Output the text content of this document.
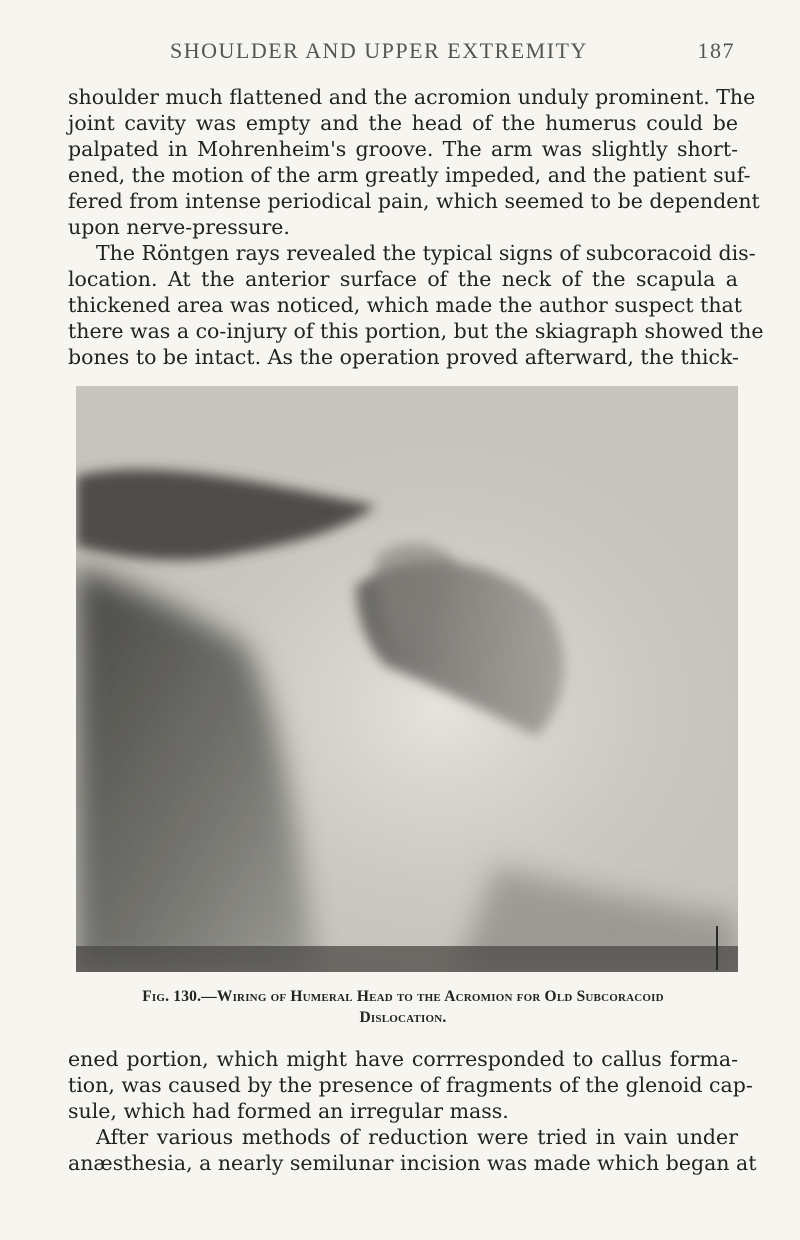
SHOULDER AND UPPER EXTREMITY	187
shoulder much flattened and the acromion unduly prominent. The
joint cavity was empty and the head of the humerus could be
palpated in Mohrenheim's groove. The arm was slightly short-
ened, the motion of the arm greatly impeded, and the patient suf-
fered from intense periodical pain, which seemed to be dependent
upon nerve-pressure.
The Röntgen rays revealed the typical signs of subcoracoid dis-
location. At the anterior surface of the neck of the scapula a
thickened area was noticed, which made the author suspect that
there was a co-injury of this portion, but the skiagraph showed the
bones to be intact. As the operation proved afterward, the thick-
Fig. 130.—Wiring of Humeral Head to the Acromion for Old Subcoracoid
Dislocation.
ened portion, which might have corrresponded to callus forma-
tion, was caused by the presence of fragments of the glenoid cap-
sule, which had formed an irregular mass.
After various methods of reduction were tried in vain under
anæsthesia, a nearly semilunar incision was made which began at
